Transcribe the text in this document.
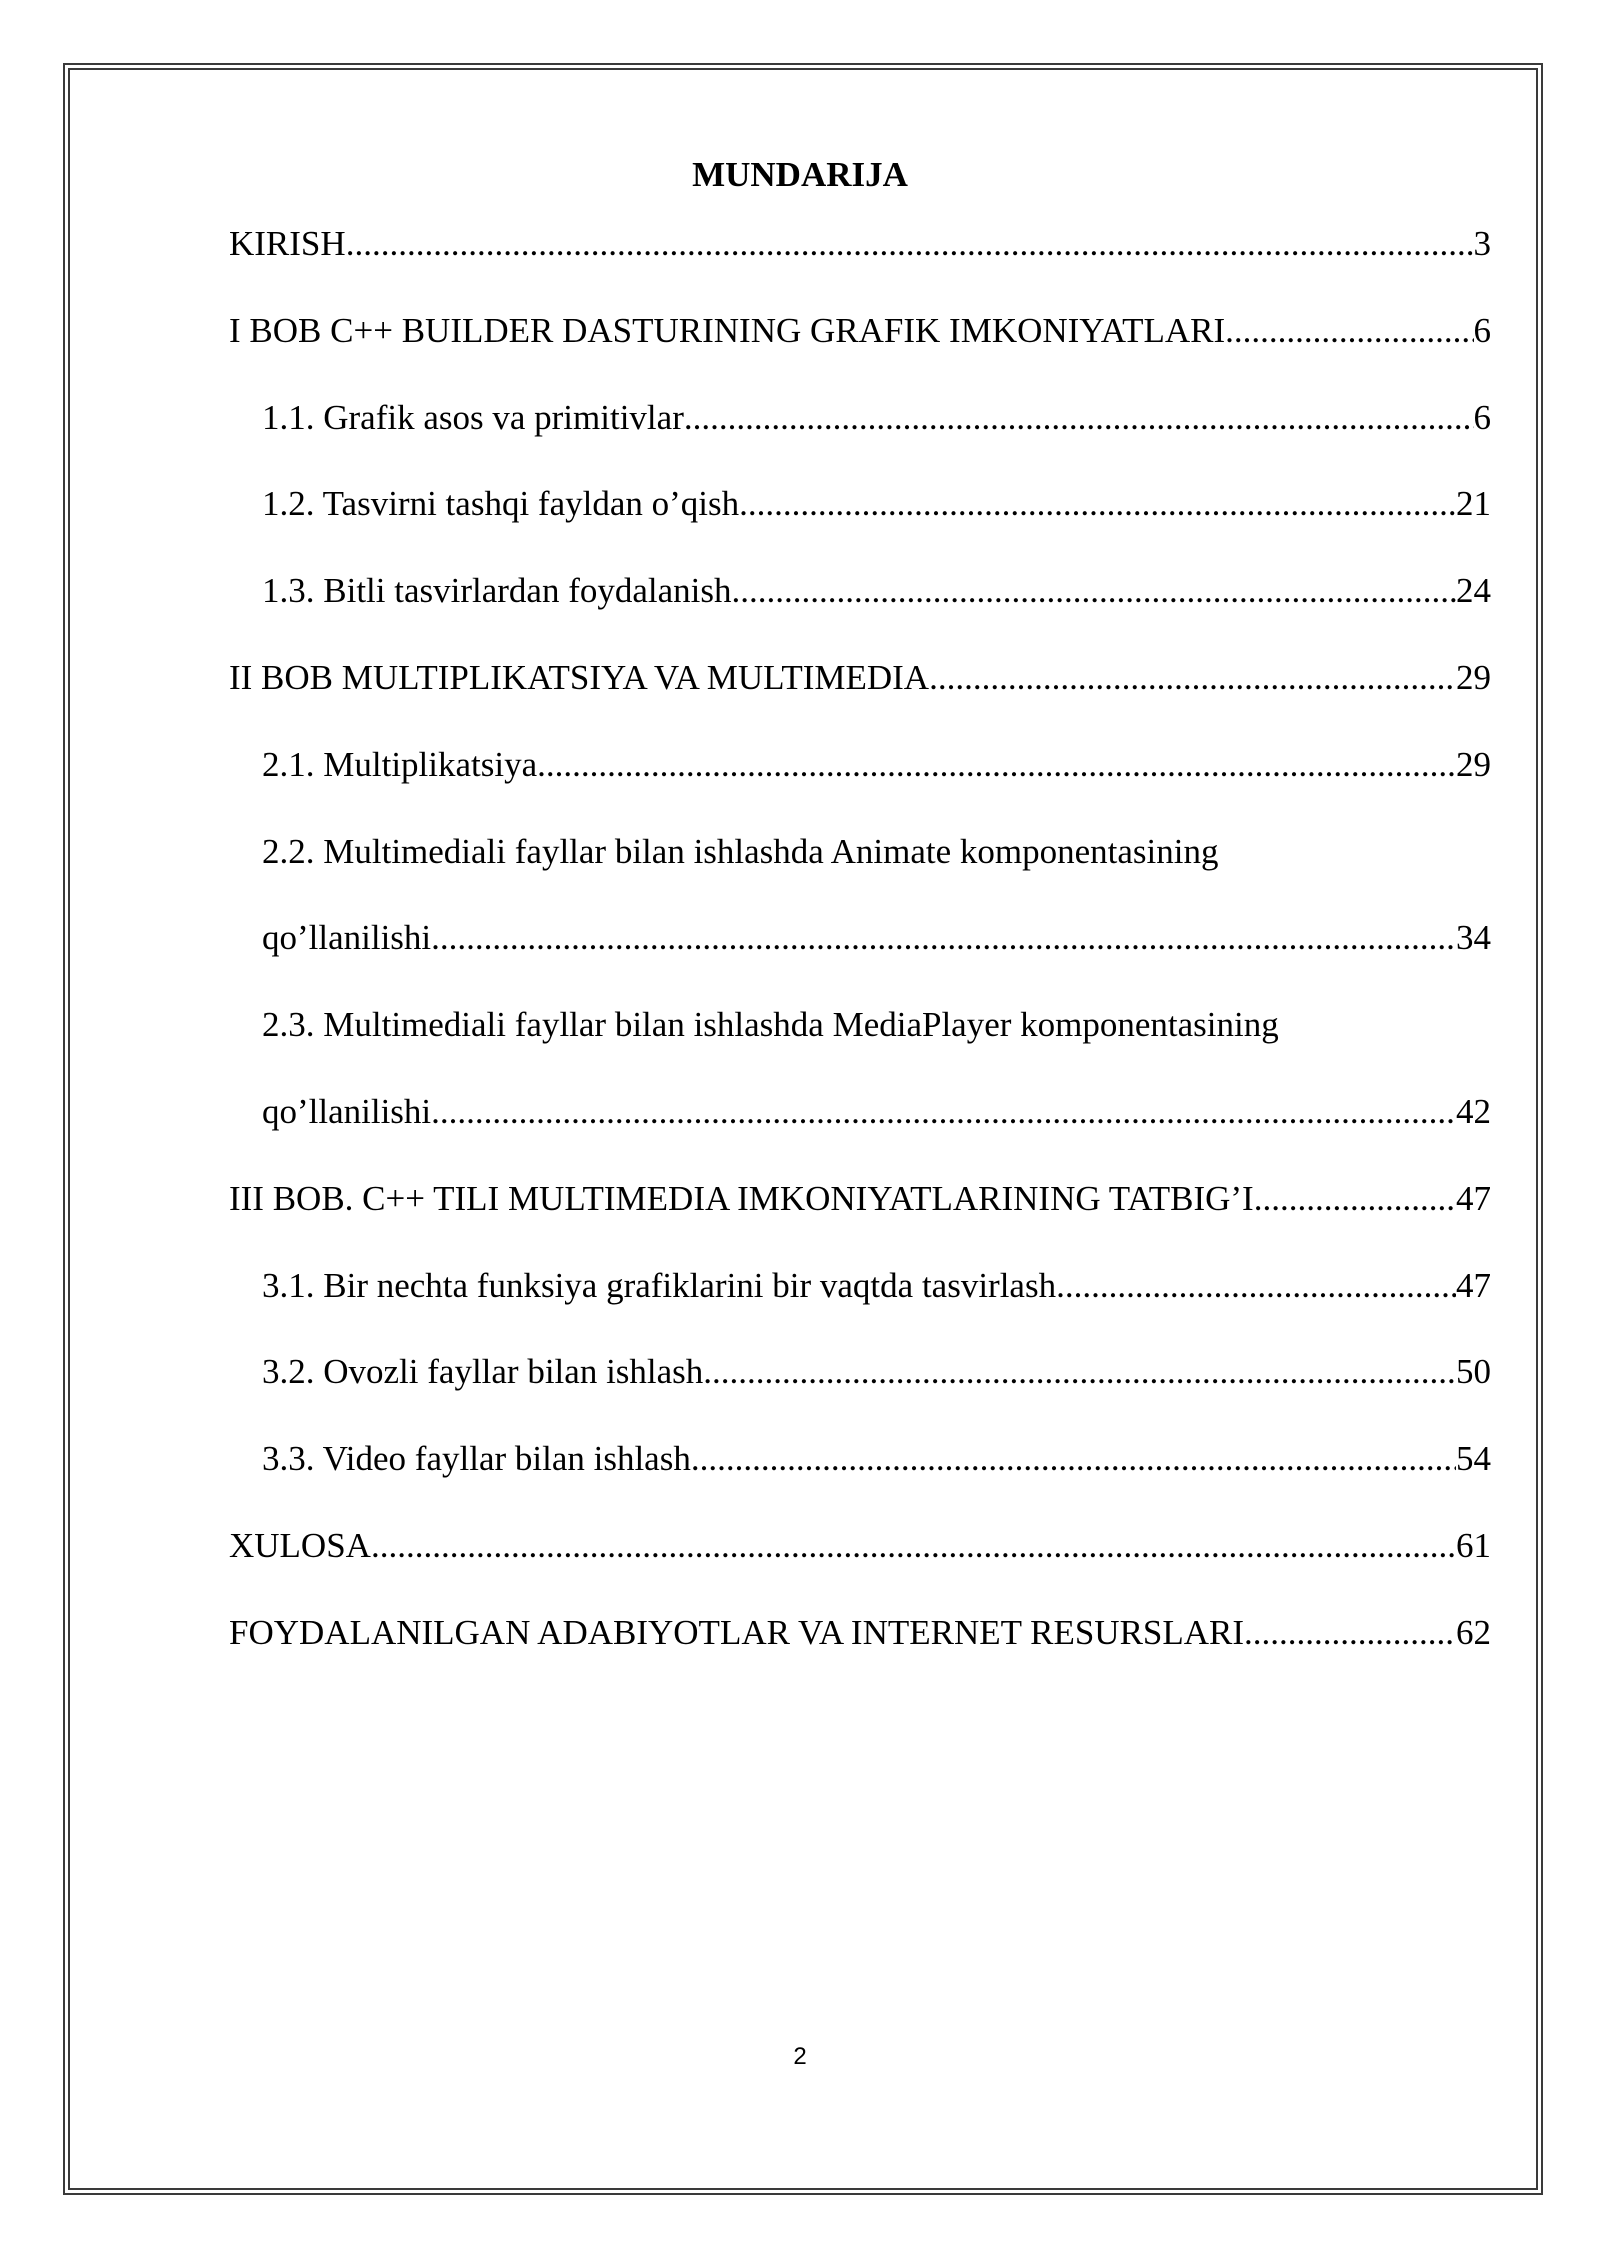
MUNDARIJA
KIRISH .....	3
I BOB C++ BUILDER DASTURINING GRAFIK IMKONIYATLARI .....	6
1.1. Grafik asos va primitivlar .....	6
1.2. Tasvirni tashqi fayldan o’qish .....	21
1.3. Bitli tasvirlardan foydalanish .....	24
II BOB MULTIPLIKATSIYA VA MULTIMEDIA .....	29
2.1. Multiplikatsiya .....	29
2.2. Multimediali fayllar bilan ishlashda Animate komponentasining
qo’llanilishi .....	34
2.3. Multimediali fayllar bilan ishlashda MediaPlayer komponentasining
qo’llanilishi .....	42
III BOB. C++ TILI MULTIMEDIA IMKONIYATLARINING TATBIG’I .....	47
3.1. Bir nechta funksiya grafiklarini bir vaqtda tasvirlash .....	47
3.2. Ovozli fayllar bilan ishlash .....	50
3.3. Video fayllar bilan ishlash .....	54
XULOSA .....	61
FOYDALANILGAN ADABIYOTLAR VA INTERNET RESURSLARI .....	62
2
